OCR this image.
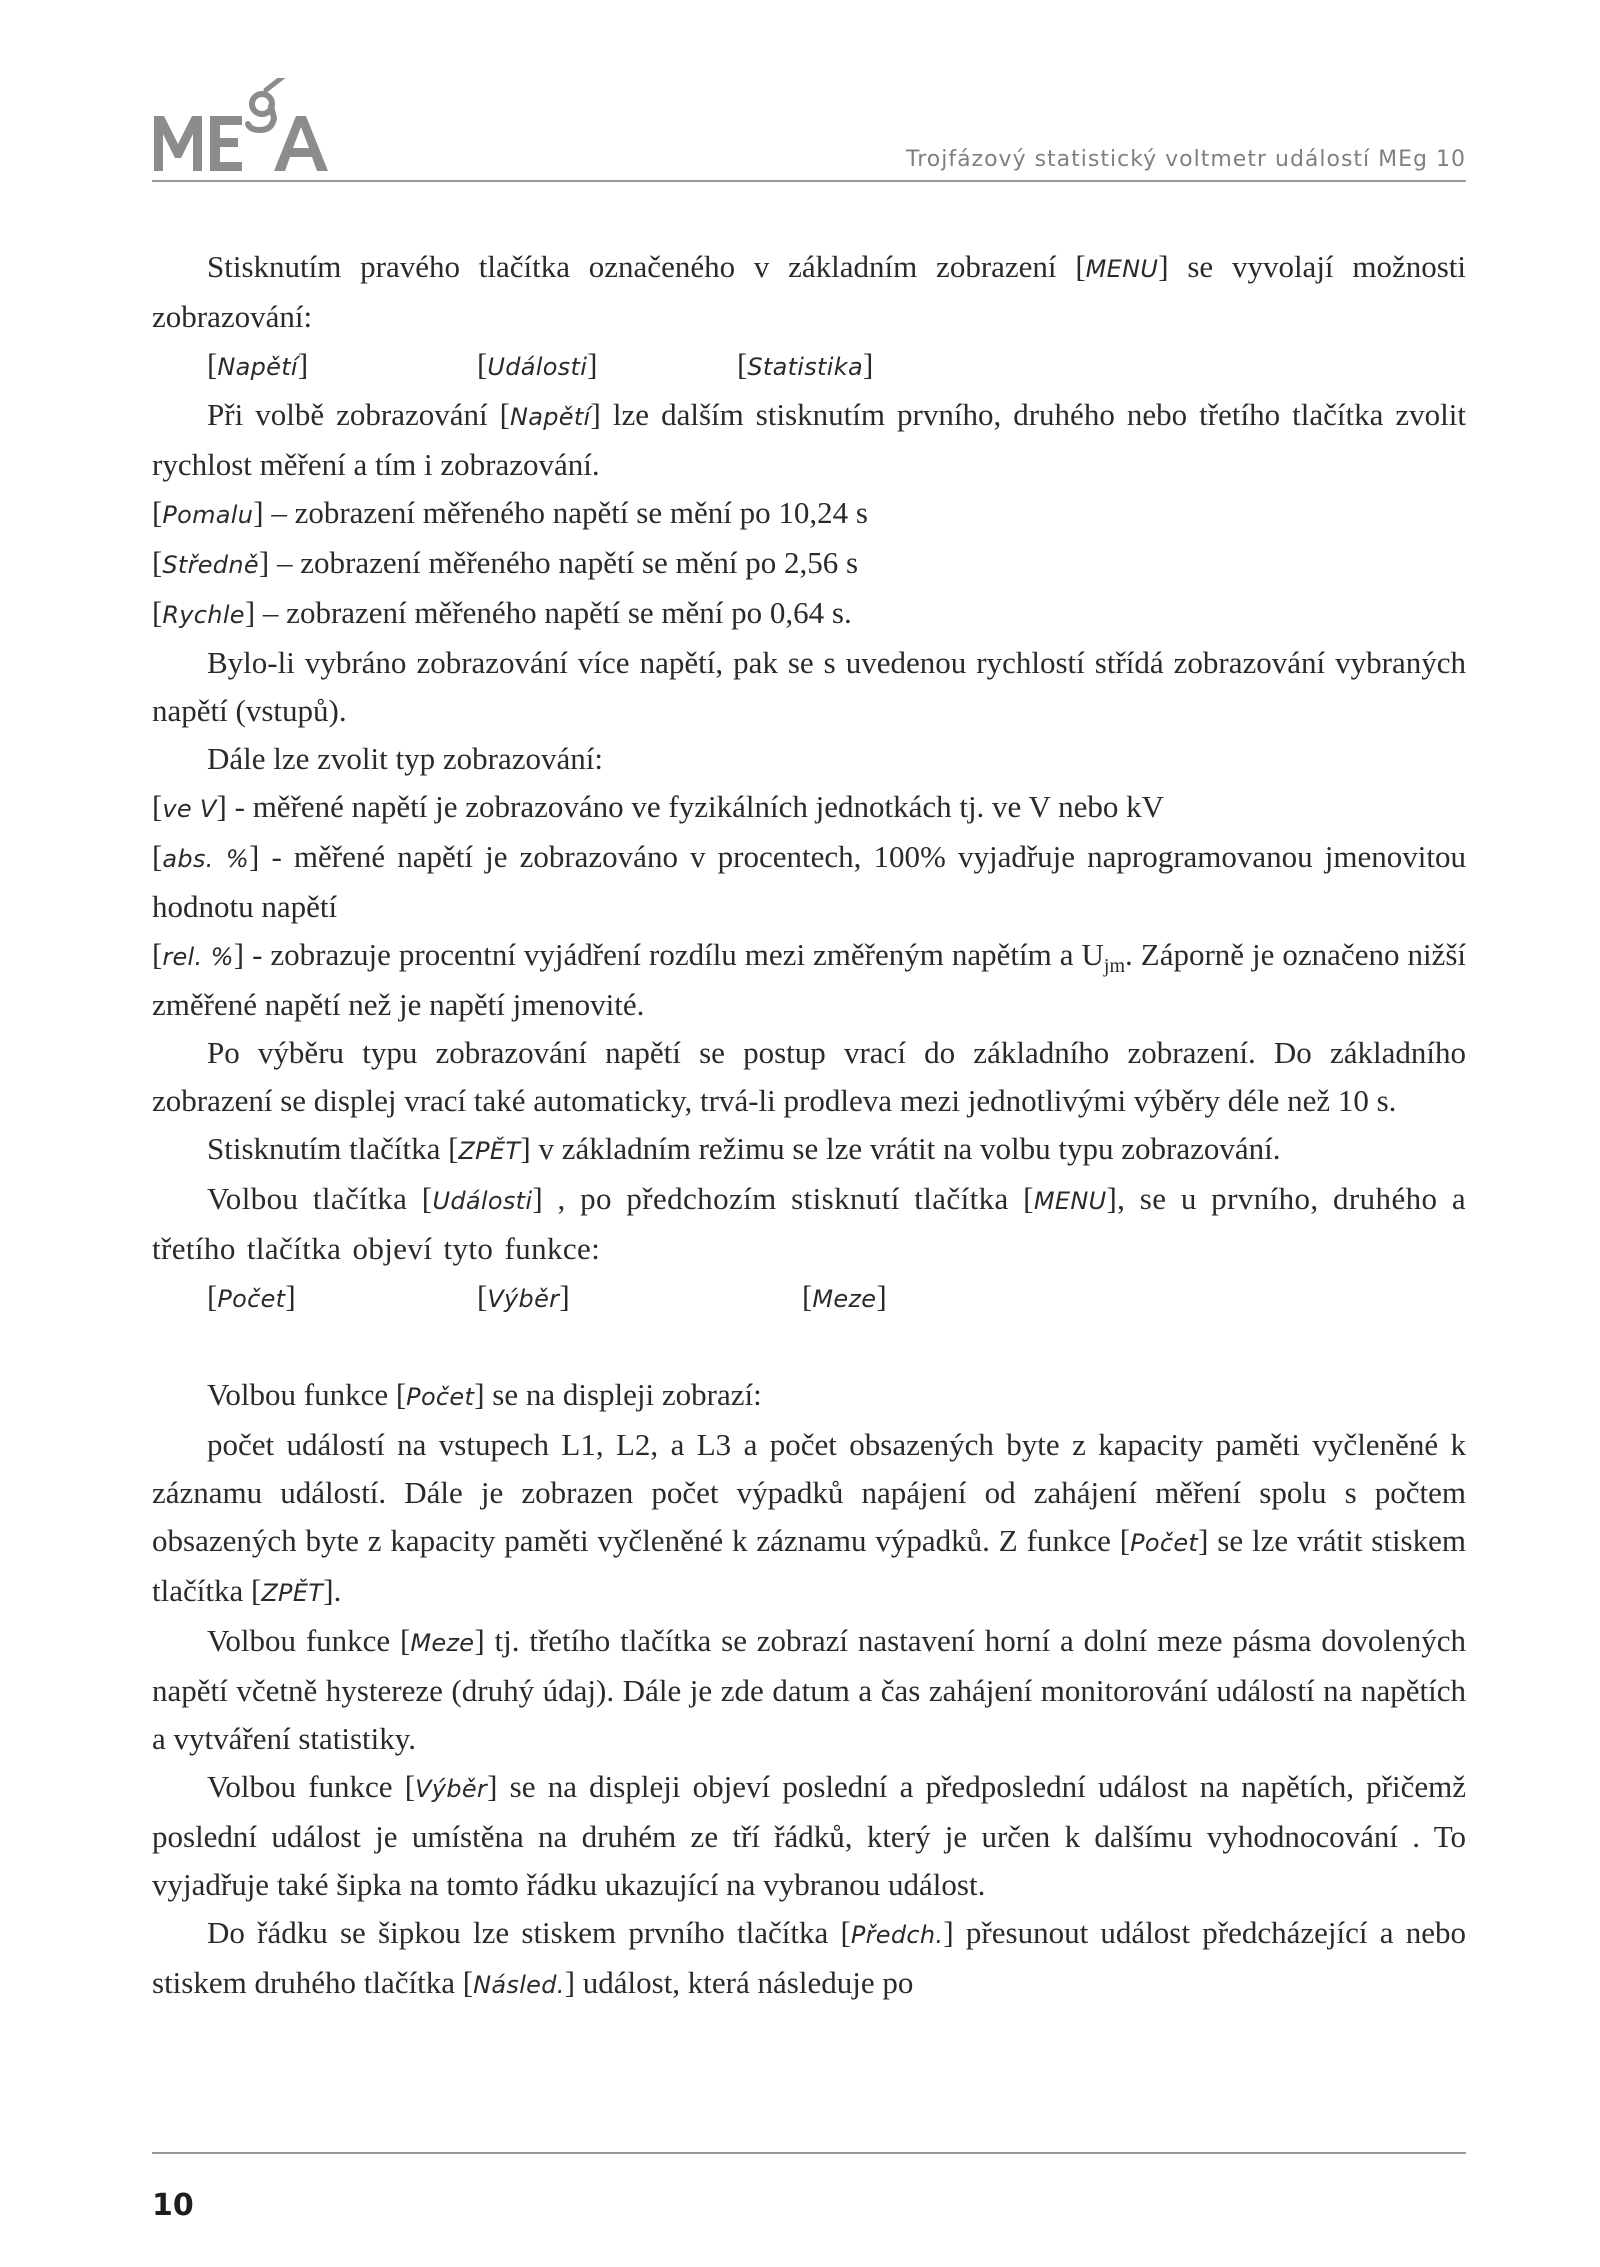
Trojfázový statistický voltmetr událostí MEg 10

Stisknutím pravého tlačítka označeného v základním zobrazení [MENU] se vyvolají možnosti zobrazování:

[Napětí]	[Události]	[Statistika]

Při volbě zobrazování [Napětí] lze dalším stisknutím prvního, druhého nebo třetího tlačítka zvolit rychlost měření a tím i zobrazování.

[Pomalu] – zobrazení měřeného napětí se mění po 10,24 s

[Středně] – zobrazení měřeného napětí se mění po 2,56 s

[Rychle] – zobrazení měřeného napětí se mění po 0,64 s.

Bylo-li vybráno zobrazování více napětí, pak se s uvedenou rychlostí střídá zobrazování vybraných napětí (vstupů).

Dále lze zvolit typ zobrazování:

[ve V] - měřené napětí je zobrazováno ve fyzikálních jednotkách tj. ve V nebo kV

[abs. %] - měřené napětí je zobrazováno v procentech, 100% vyjadřuje naprogramovanou jmenovitou hodnotu napětí

[rel. %] - zobrazuje procentní vyjádření rozdílu mezi změřeným napětím a $U_{jm}$. Záporně je označeno nižší změřené napětí než je napětí jmenovité.

Po výběru typu zobrazování napětí se postup vrací do základního zobrazení. Do základního zobrazení se displej vrací také automaticky, trvá-li prodleva mezi jednotlivými výběry déle než 10 s.

Stisknutím tlačítka [ZPĚT] v základním režimu se lze vrátit na volbu typu zobrazování.

Volbou tlačítka [Události] , po předchozím stisknutí tlačítka [MENU], se u prvního, druhého a třetího tlačítka objeví tyto funkce:

[Počet]	[Výběr]	[Meze]

Volbou funkce [Počet] se na displeji zobrazí:

počet událostí na vstupech L1, L2, a L3 a počet obsazených byte z kapacity paměti vyčleněné k záznamu událostí. Dále je zobrazen počet výpadků napájení od zahájení měření spolu s počtem obsazených byte z kapacity paměti vyčleněné k záznamu výpadků. Z funkce [Počet] se lze vrátit stiskem tlačítka [ZPĚT].

Volbou funkce [Meze] tj. třetího tlačítka se zobrazí nastavení horní a dolní meze pásma dovolených napětí včetně hystereze (druhý údaj). Dále je zde datum a čas zahájení monitorování událostí na napětích a vytváření statistiky.

Volbou funkce [Výběr] se na displeji objeví poslední a předposlední událost na napětích, přičemž poslední událost je umístěna na druhém ze tří řádků, který je určen k dalšímu vyhodnocování . To vyjadřuje také šipka na tomto řádku ukazující na vybranou událost.

Do řádku se šipkou lze stiskem prvního tlačítka [Předch.] přesunout událost předcházející a nebo stiskem druhého tlačítka [Násled.] událost, která následuje po

10
